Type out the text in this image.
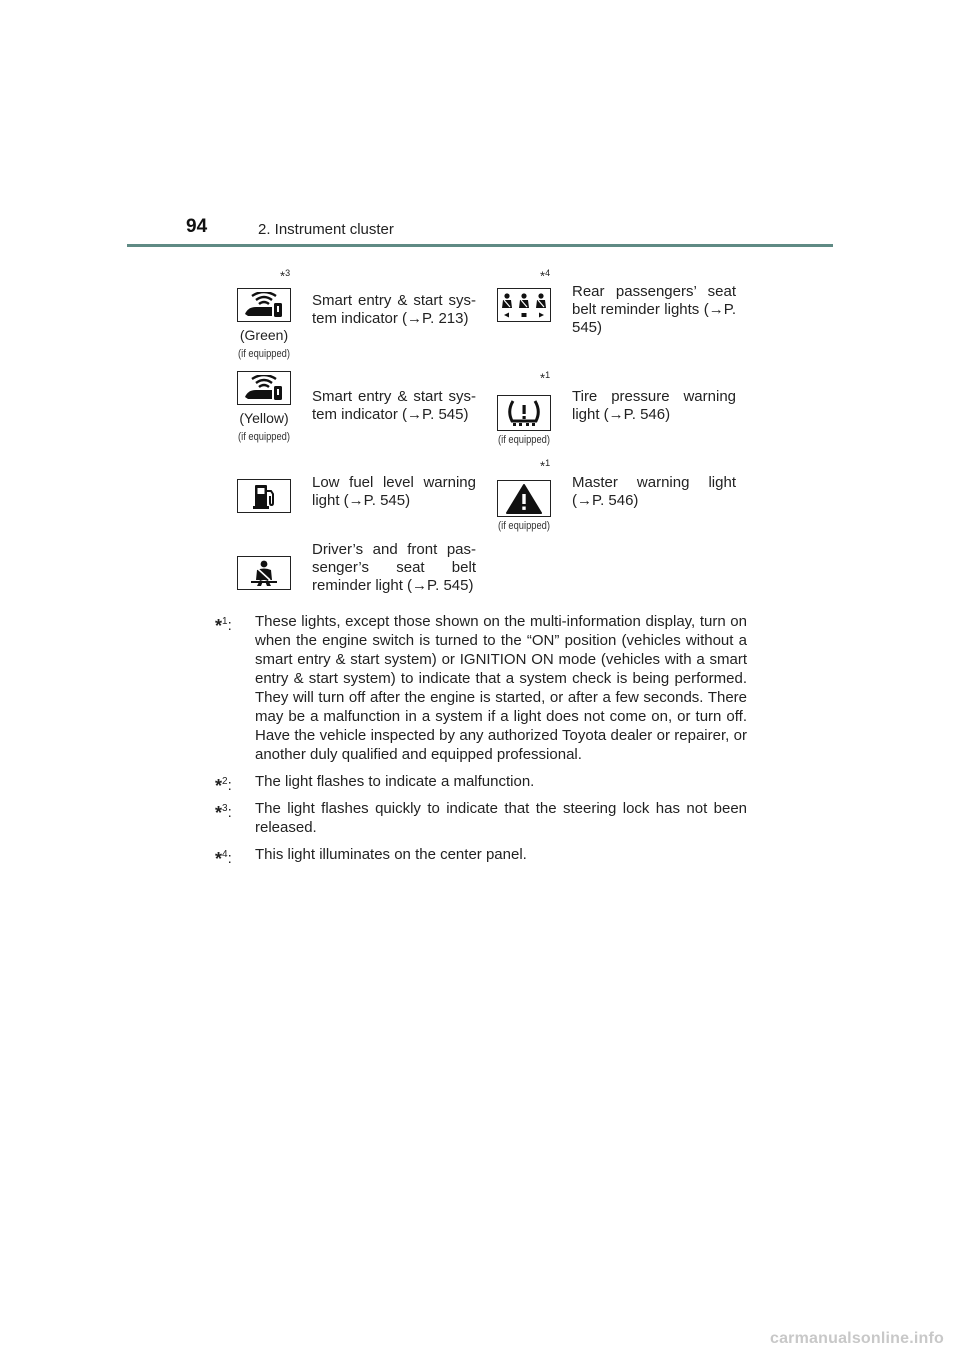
94	2. Instrument cluster
*$^3$
(Green)
(if equipped)
Smart entry & start sys-tem indicator (→P. 213)
*$^4$
Rear passengers’ seat belt reminder lights (→P. 545)
(Yellow)
(if equipped)
Smart entry & start sys-tem indicator (→P. 545)
*$^1$
(if equipped)
Tire pressure warning light (→P. 546)
Low fuel level warning light (→P. 545)
*$^1$
(if equipped)
Master warning light (→P. 546)
Driver’s and front pas-senger’s seat belt reminder light (→P. 545)
*$^1$: These lights, except those shown on the multi-information display, turn on when the engine switch is turned to the “ON” position (vehicles without a smart entry & start system) or IGNITION ON mode (vehicles with a smart entry & start system) to indicate that a system check is being performed. They will turn off after the engine is started, or after a few seconds. There may be a malfunction in a system if a light does not come on, or turn off. Have the vehicle inspected by any authorized Toyota dealer or repairer, or another duly qualified and equipped professional.
*$^2$: The light flashes to indicate a malfunction.
*$^3$: The light flashes quickly to indicate that the steering lock has not been released.
*$^4$: This light illuminates on the center panel.
carmanualsonline.info
